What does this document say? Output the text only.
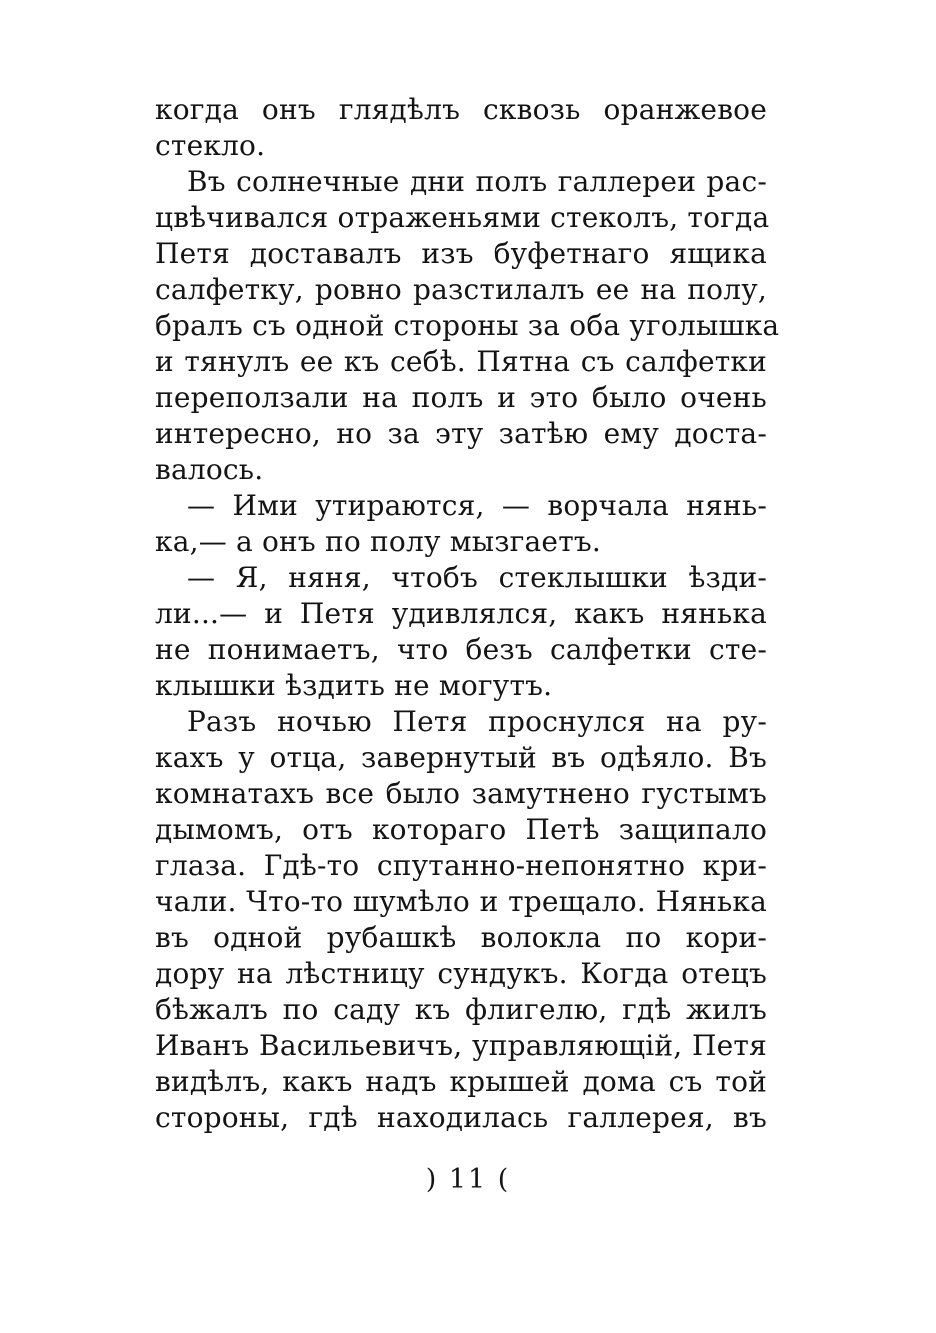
когда онъ глядѣлъ сквозь оранжевое
стекло.
Въ солнечные дни полъ галлереи рас-
цвѣчивался отраженьями стеколъ, тогда
Петя доставалъ изъ буфетнаго ящика
салфетку, ровно разстилалъ ее на полу,
бралъ съ одной стороны за оба уголышка
и тянулъ ее къ себѣ. Пятна съ салфетки
переползали на полъ и это было очень
интересно, но за эту затѣю ему доста-
валось.
— Ими утираются, — ворчала нянь-
ка,— а онъ по полу мызгаетъ.
— Я, няня, чтобъ стеклышки ѣзди-
ли...— и Петя удивлялся, какъ нянька
не понимаетъ, что безъ салфетки сте-
клышки ѣздить не могутъ.
Разъ ночью Петя проснулся на ру-
кахъ у отца, завернутый въ одѣяло. Въ
комнатахъ все было замутнено густымъ
дымомъ, отъ котораго Петѣ защипало
глаза. Гдѣ-то спутанно-непонятно кри-
чали. Что-то шумѣло и трещало. Нянька
въ одной рубашкѣ волокла по кори-
дору на лѣстницу сундукъ. Когда отецъ
бѣжалъ по саду къ флигелю, гдѣ жилъ
Иванъ Васильевичъ, управляющій, Петя
видѣлъ, какъ надъ крышей дома съ той
стороны, гдѣ находилась галлерея, въ
) 11 (
